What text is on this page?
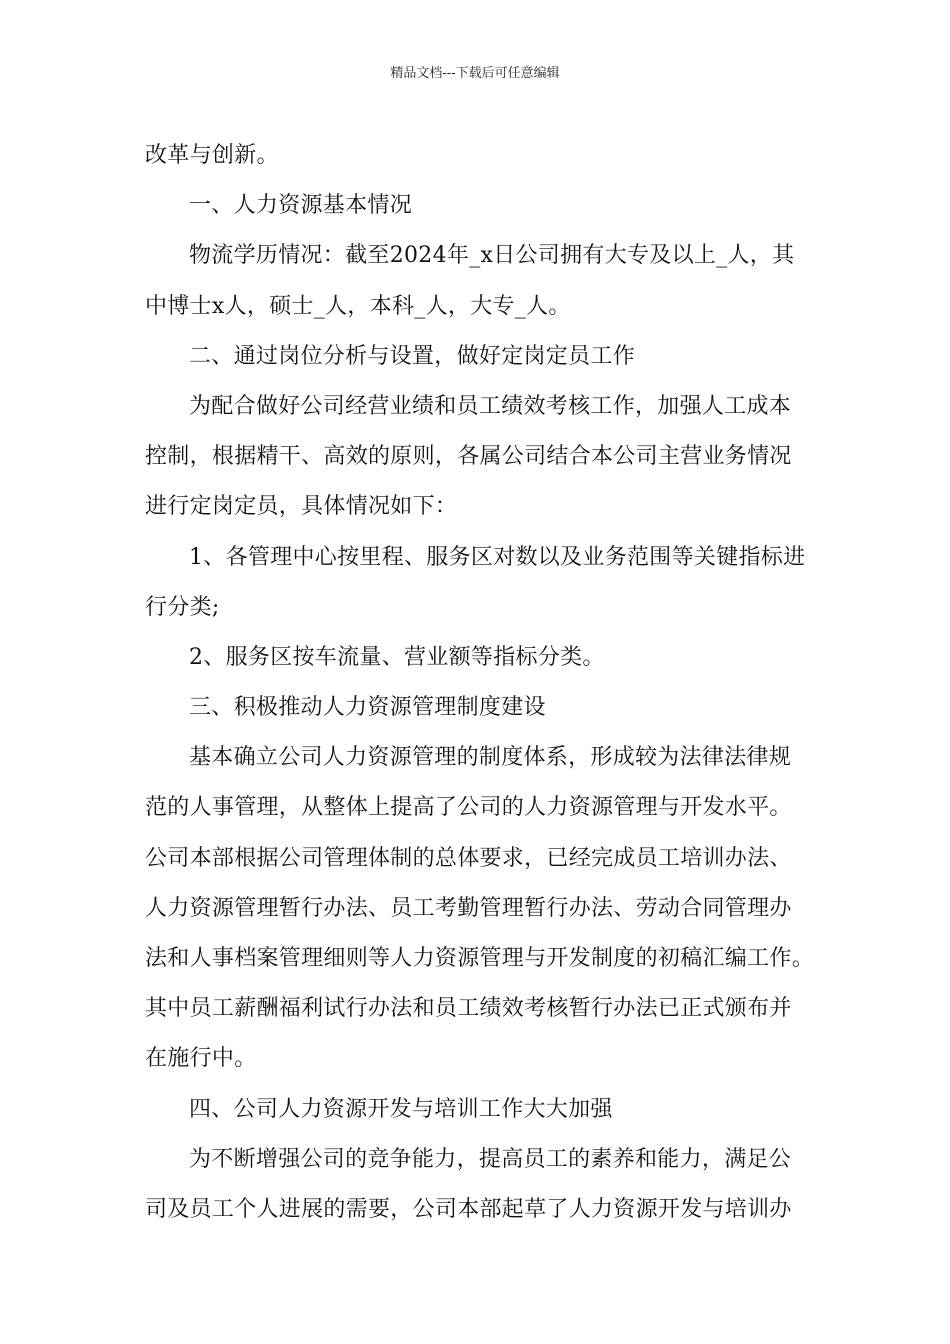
精品文档---下载后可任意编辑
改革与创新。
一、人力资源基本情况
物流学历情况：截至2024年_x日公司拥有大专及以上_人，其
中博士x人，硕士_人，本科_人，大专_人。
二、通过岗位分析与设置，做好定岗定员工作
为配合做好公司经营业绩和员工绩效考核工作，加强人工成本
控制，根据精干、高效的原则，各属公司结合本公司主营业务情况
进行定岗定员，具体情况如下：
1、各管理中心按里程、服务区对数以及业务范围等关键指标进
行分类;
2、服务区按车流量、营业额等指标分类。
三、积极推动人力资源管理制度建设
基本确立公司人力资源管理的制度体系，形成较为法律法律规
范的人事管理，从整体上提高了公司的人力资源管理与开发水平。
公司本部根据公司管理体制的总体要求，已经完成员工培训办法、
人力资源管理暂行办法、员工考勤管理暂行办法、劳动合同管理办
法和人事档案管理细则等人力资源管理与开发制度的初稿汇编工作。
其中员工薪酬福利试行办法和员工绩效考核暂行办法已正式颁布并
在施行中。
四、公司人力资源开发与培训工作大大加强
为不断增强公司的竞争能力，提高员工的素养和能力，满足公
司及员工个人进展的需要，公司本部起草了人力资源开发与培训办
